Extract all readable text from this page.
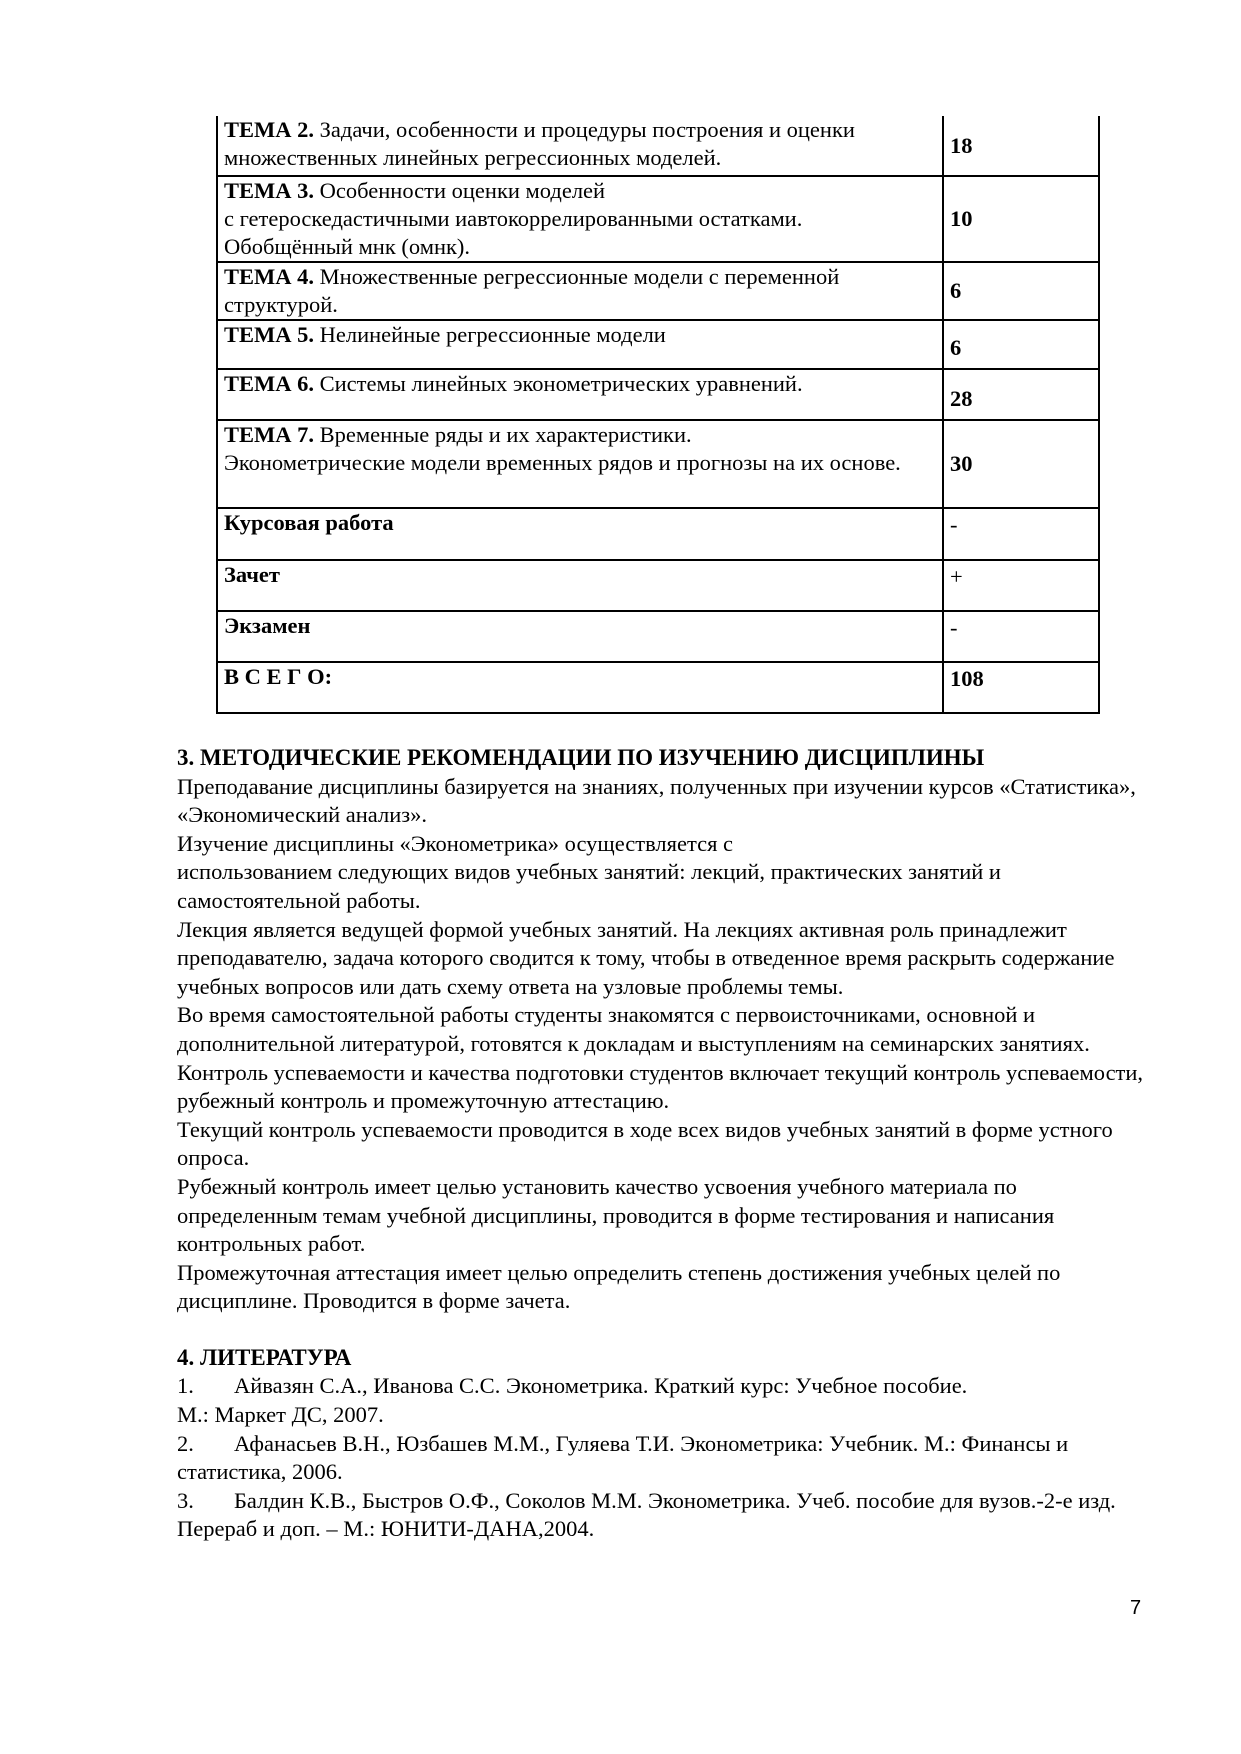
ТЕМА 2. Задачи, особенности и процедуры построения и оценки множественных линейных регрессионных моделей.	18
ТЕМА 3. Особенности оценки моделей
с гетероскедастичными иавтокоррелированными остатками.
Обобщённый мнк (омнк).	10
ТЕМА 4. Множественные регрессионные модели с переменной структурой.	6
ТЕМА 5. Нелинейные регрессионные модели	6
ТЕМА 6. Системы линейных эконометрических уравнений.	28
ТЕМА 7. Временные ряды и их характеристики.
Эконометрические модели временных рядов и прогнозы на их основе.	30
Курсовая работа	-
Зачет	+
Экзамен	-
В С Е Г О:	108

3. МЕТОДИЧЕСКИЕ РЕКОМЕНДАЦИИ ПО ИЗУЧЕНИЮ ДИСЦИПЛИНЫ

Преподавание дисциплины базируется на знаниях, полученных при изучении курсов «Статистика», «Экономический анализ».

Изучение дисциплины «Эконометрика» осуществляется с

использованием следующих видов учебных занятий: лекций, практических занятий и самостоятельной работы.

Лекция является ведущей формой учебных занятий. На лекциях активная роль принадлежит преподавателю, задача которого сводится к тому, чтобы в отведенное время раскрыть содержание учебных вопросов или дать схему ответа на узловые проблемы темы.

Во время самостоятельной работы студенты знакомятся с первоисточниками, основной и дополнительной литературой, готовятся к докладам и выступлениям на семинарских занятиях.

Контроль успеваемости и качества подготовки студентов включает текущий контроль успеваемости, рубежный контроль и промежуточную аттестацию.

Текущий контроль успеваемости проводится в ходе всех видов учебных занятий в форме устного опроса.

Рубежный контроль имеет целью установить качество усвоения учебного материала по определенным темам учебной дисциплины, проводится в форме тестирования и написания контрольных работ.

Промежуточная аттестация имеет целью определить степень достижения учебных целей по дисциплине. Проводится в форме зачета.

4. ЛИТЕРАТУРА

1. Айвазян С.А., Иванова С.С. Эконометрика. Краткий курс: Учебное пособие.
М.: Маркет ДС, 2007.

2. Афанасьев В.Н., Юзбашев М.М., Гуляева Т.И. Эконометрика: Учебник. М.: Финансы и статистика, 2006.

3. Балдин К.В., Быстров О.Ф., Соколов М.М. Эконометрика. Учеб. пособие для вузов.-2-е изд. Перераб и доп. – М.: ЮНИТИ-ДАНА,2004.

7
